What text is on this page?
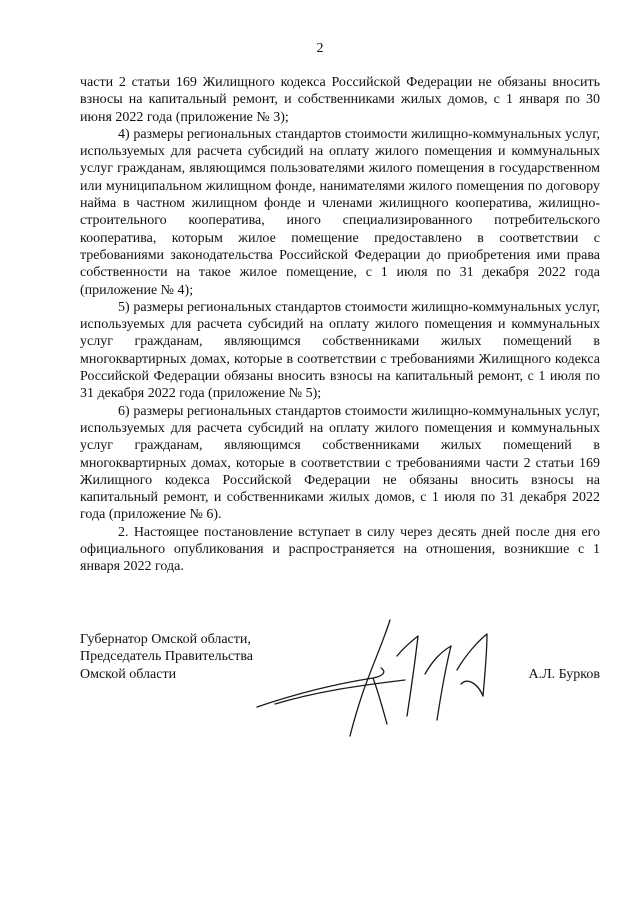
2

части 2 статьи 169 Жилищного кодекса Российской Федерации не обязаны вносить взносы на капитальный ремонт, и собственниками жилых домов, с 1 января по 30 июня 2022 года (приложение № 3);

4) размеры региональных стандартов стоимости жилищно-коммунальных услуг, используемых для расчета субсидий на оплату жилого помещения и коммунальных услуг гражданам, являющимся пользователями жилого помещения в государственном или муниципальном жилищном фонде, нанимателями жилого помещения по договору найма в частном жилищном фонде и членами жилищного кооператива, жилищно-строительного кооператива, иного специализированного потребительского кооператива, которым жилое помещение предоставлено в соответствии с требованиями законодательства Российской Федерации до приобретения ими права собственности на такое жилое помещение, с 1 июля по 31 декабря 2022 года (приложение № 4);

5) размеры региональных стандартов стоимости жилищно-коммунальных услуг, используемых для расчета субсидий на оплату жилого помещения и коммунальных услуг гражданам, являющимся собственниками жилых помещений в многоквартирных домах, которые в соответствии с требованиями Жилищного кодекса Российской Федерации обязаны вносить взносы на капитальный ремонт, с 1 июля по 31 декабря 2022 года (приложение № 5);

6) размеры региональных стандартов стоимости жилищно-коммунальных услуг, используемых для расчета субсидий на оплату жилого помещения и коммунальных услуг гражданам, являющимся собственниками жилых помещений в многоквартирных домах, которые в соответствии с требованиями части 2 статьи 169 Жилищного кодекса Российской Федерации не обязаны вносить взносы на капитальный ремонт, и собственниками жилых домов, с 1 июля по 31 декабря 2022 года (приложение № 6).

2. Настоящее постановление вступает в силу через десять дней после дня его официального опубликования и распространяется на отношения, возникшие с 1 января 2022 года.

Губернатор Омской области,
Председатель Правительства
Омской области	А.Л. Бурков
